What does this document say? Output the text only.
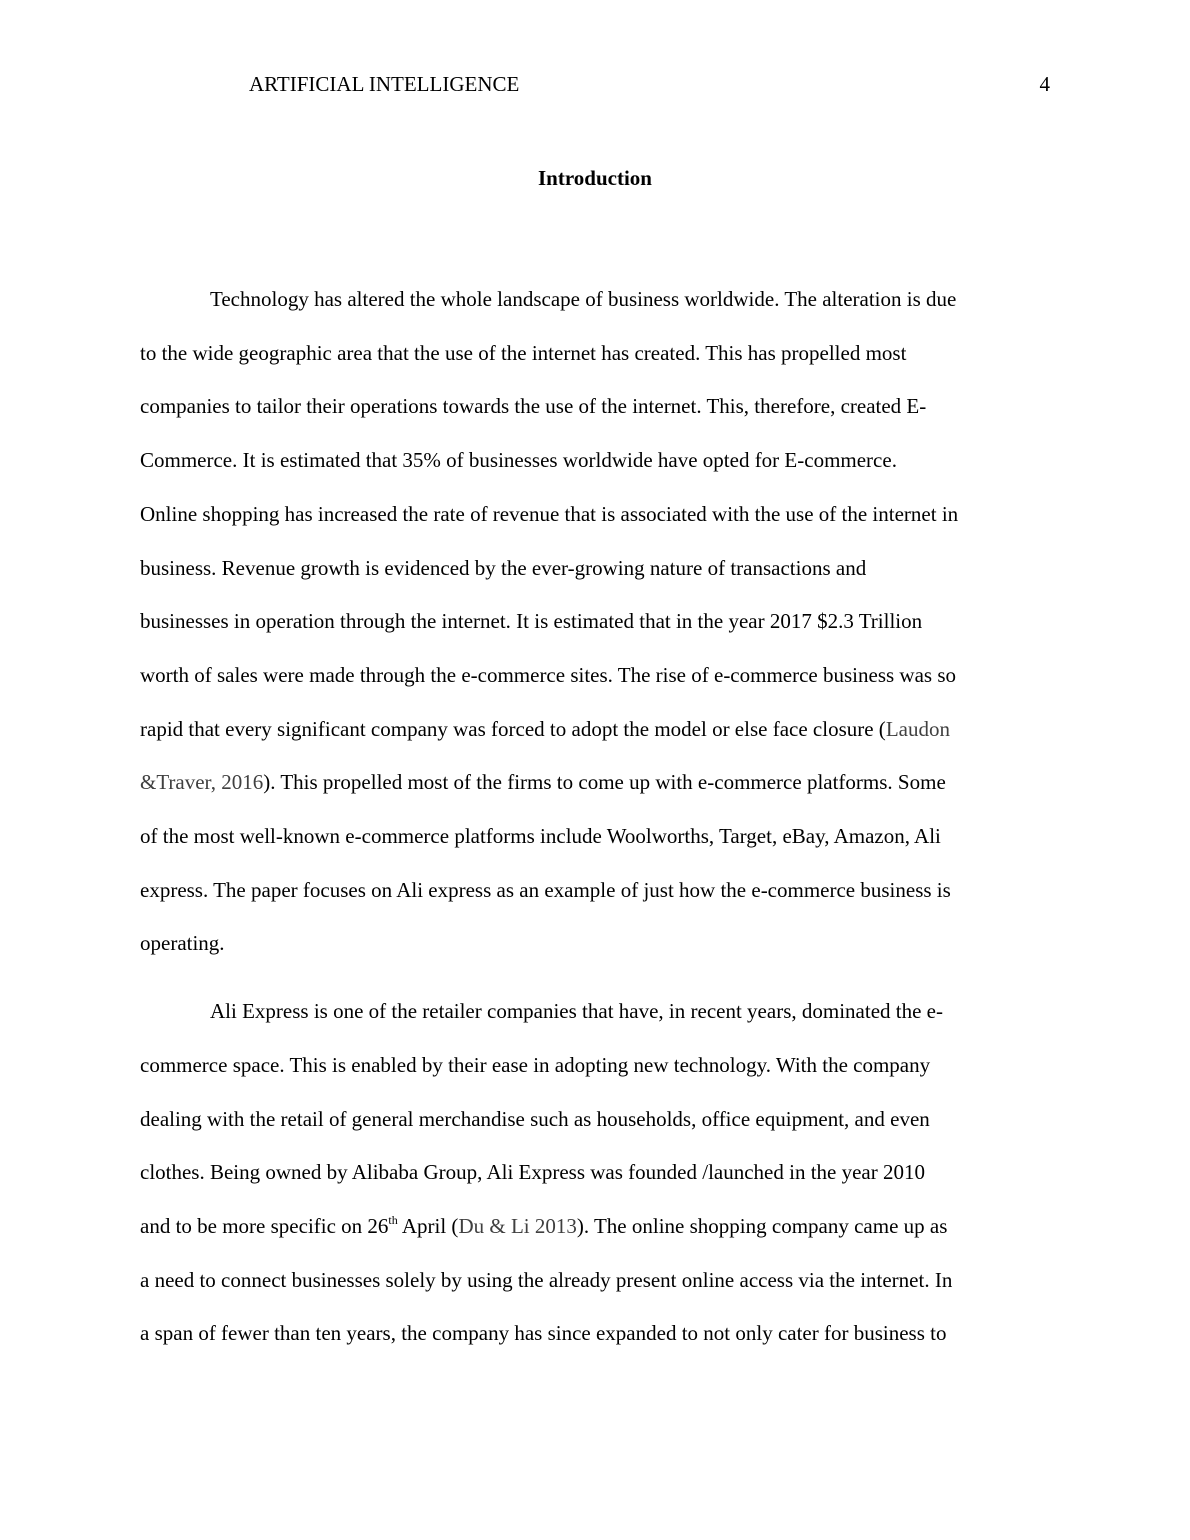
ARTIFICIAL INTELLIGENCE	4
Introduction

Technology has altered the whole landscape of business worldwide. The alteration is due
to the wide geographic area that the use of the internet has created. This has propelled most
companies to tailor their operations towards the use of the internet. This, therefore, created E-
Commerce. It is estimated that 35% of businesses worldwide have opted for E-commerce.
Online shopping has increased the rate of revenue that is associated with the use of the internet in
business. Revenue growth is evidenced by the ever-growing nature of transactions and
businesses in operation through the internet. It is estimated that in the year 2017 $2.3 Trillion
worth of sales were made through the e-commerce sites. The rise of e-commerce business was so
rapid that every significant company was forced to adopt the model or else face closure (Laudon
&Traver, 2016). This propelled most of the firms to come up with e-commerce platforms. Some
of the most well-known e-commerce platforms include Woolworths, Target, eBay, Amazon, Ali
express. The paper focuses on Ali express as an example of just how the e-commerce business is
operating.

Ali Express is one of the retailer companies that have, in recent years, dominated the e-
commerce space. This is enabled by their ease in adopting new technology. With the company
dealing with the retail of general merchandise such as households, office equipment, and even
clothes. Being owned by Alibaba Group, Ali Express was founded /launched in the year 2010
and to be more specific on 26th April (Du & Li 2013). The online shopping company came up as
a need to connect businesses solely by using the already present online access via the internet. In
a span of fewer than ten years, the company has since expanded to not only cater for business to
